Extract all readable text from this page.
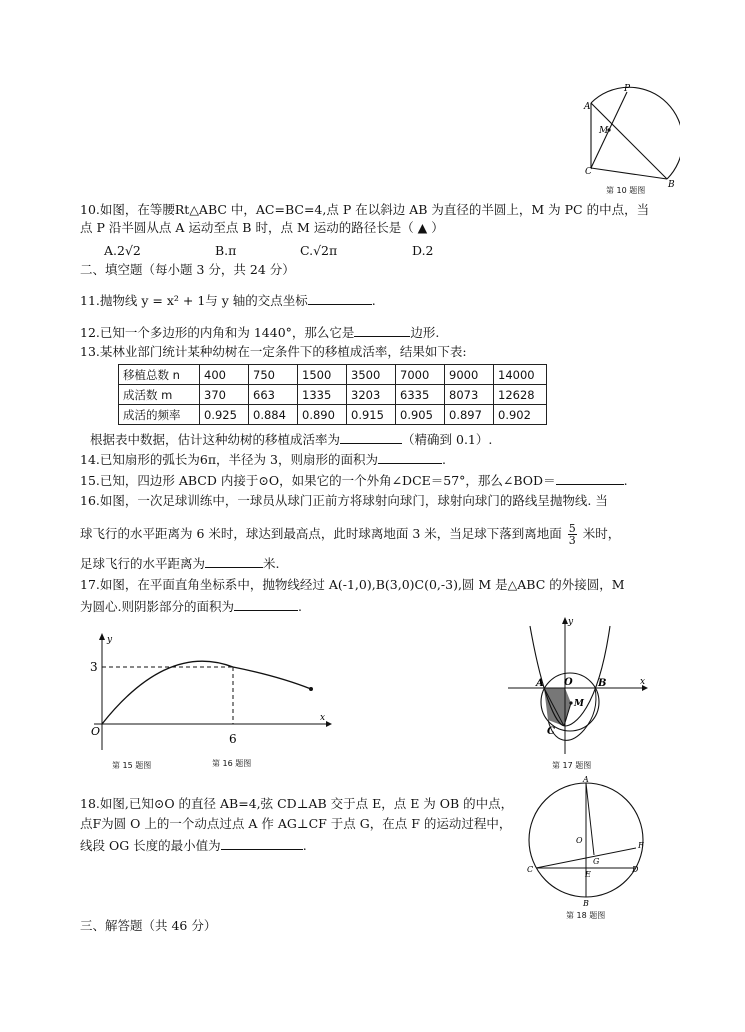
A
P
M
C
B
第 10 题图
10.如图，在等腰Rt△ABC 中，AC=BC=4,点 P 在以斜边 AB 为直径的半圆上，M 为 PC 的中点，当
点 P 沿半圆从点 A 运动至点 B 时，点 M 运动的路径长是（ ▲ ）
A.2√2	B.π	C.√2π	D.2
二、填空题（每小题 3 分，共 24 分）
11.抛物线 y = x² + 1与 y 轴的交点坐标	.
12.已知一个多边形的内角和为 1440°，那么它是	边形.
13.某林业部门统计某种幼树在一定条件下的移植成活率，结果如下表:
移植总数 n	400	750	1500	3500	7000	9000	14000
成活数 m	370	663	1335	3203	6335	8073	12628
成活的频率	0.925	0.884	0.890	0.915	0.905	0.897	0.902
根据表中数据，估计这种幼树的移植成活率为	（精确到 0.1）.
14.已知扇形的弧长为6π，半径为 3，则扇形的面积为	.
15.已知，四边形 ABCD 内接于⊙O，如果它的一个外角∠DCE＝57°，那么∠BOD＝	.
16.如图，一次足球训练中，一球员从球门正前方将球射向球门，球射向球门的路线呈抛物线. 当
球飞行的水平距离为 6 米时，球达到最高点，此时球离地面 3 米，当足球下落到离地面 $\frac{5}{3}$ 米时，
足球飞行的水平距离为	米.
17.如图，在平面直角坐标系中，抛物线经过 A(-1,0),B(3,0)C(0,-3),圆 M 是△ABC 的外接圆，M
为圆心.则阴影部分的面积为	.
y
x
O
3
6
第 15 题图	第 16 题图
y
x
A O	B
M
C
第 17 题图
18.如图,已知⊙O 的直径 AB=4,弦 CD⊥AB 交于点 E，点 E 为 OB 的中点，
点F为圆 O 上的一个动点过点 A 作 AG⊥CF 于点 G，在点 F 的运动过程中，
线段 OG 长度的最小值为	.
A
O
F
G
C
E
D
B
第 18 题图
三、解答题（共 46 分）
